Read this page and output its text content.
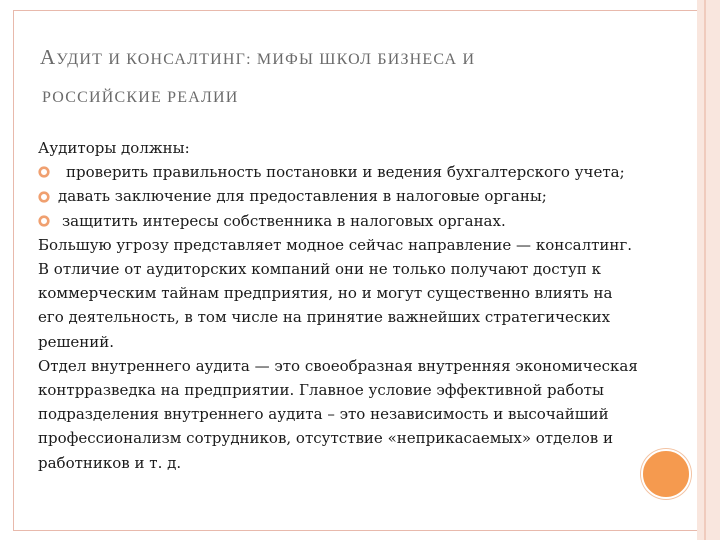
АУДИТ И КОНСАЛТИНГ: МИФЫ ШКОЛ БИЗНЕСА И
РОССИЙСКИЕ РЕАЛИИ
Аудиторы должны:
проверить правильность постановки и ведения бухгалтерского учета;
давать заключение для предоставления в налоговые органы;
защитить интересы собственника в налоговых органах.
Большую угрозу представляет модное сейчас направление — консалтинг.
В отличие от аудиторских компаний они не только получают доступ к
коммерческим тайнам предприятия, но и могут существенно влиять на
его деятельность, в том числе на принятие важнейших стратегических
решений.
Отдел внутреннего аудита — это своеобразная внутренняя экономическая
контрразведка на предприятии. Главное условие эффективной работы
подразделения внутреннего аудита – это независимость и высочайший
профессионализм сотрудников, отсутствие «неприкасаемых» отделов и
работников и т. д.
